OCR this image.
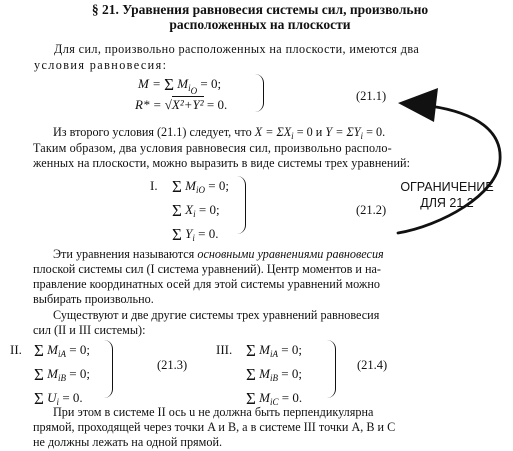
§ 21. Уравнения равновесия системы сил, произвольно
расположенных на плоскости
Для сил, произвольно расположенных на плоскости, имеются два
условия равновесия:
M = Σ $M_{iO} = 0$;
R* = √X²+Y² = 0.
(21.1)
Из второго условия (21.1) следует, что $X = \Sigma X_i = 0$ и $Y = \Sigma Y_i = 0$.
Таким образом, два условия равновесия сил, произвольно располо-
женных на плоскости, можно выразить в виде системы трех уравнений:
I. Σ $M_{iO} = 0$;
Σ $X_i = 0$;
Σ $Y_i = 0$.
(21.2)
Эти уравнения называются основными уравнениями равновесия
плоской системы сил (I система уравнений). Центр моментов и на-
правление координатных осей для этой системы уравнений можно
выбирать произвольно.
Существуют и две другие системы трех уравнений равновесия
сил (II и III системы):
II. Σ $M_{iA} = 0$;
Σ $M_{iB} = 0$;
Σ $U_i = 0$.
(21.3)
III. Σ $M_{iA} = 0$;
Σ $M_{iB} = 0$;
Σ $M_{iC} = 0$.
(21.4)
При этом в системе II ось u не должна быть перпендикулярна
прямой, проходящей через точки A и B, а в системе III точки A, B и C
не должны лежать на одной прямой.
ОГРАНИЧЕНИЕ
ДЛЯ 21.2
